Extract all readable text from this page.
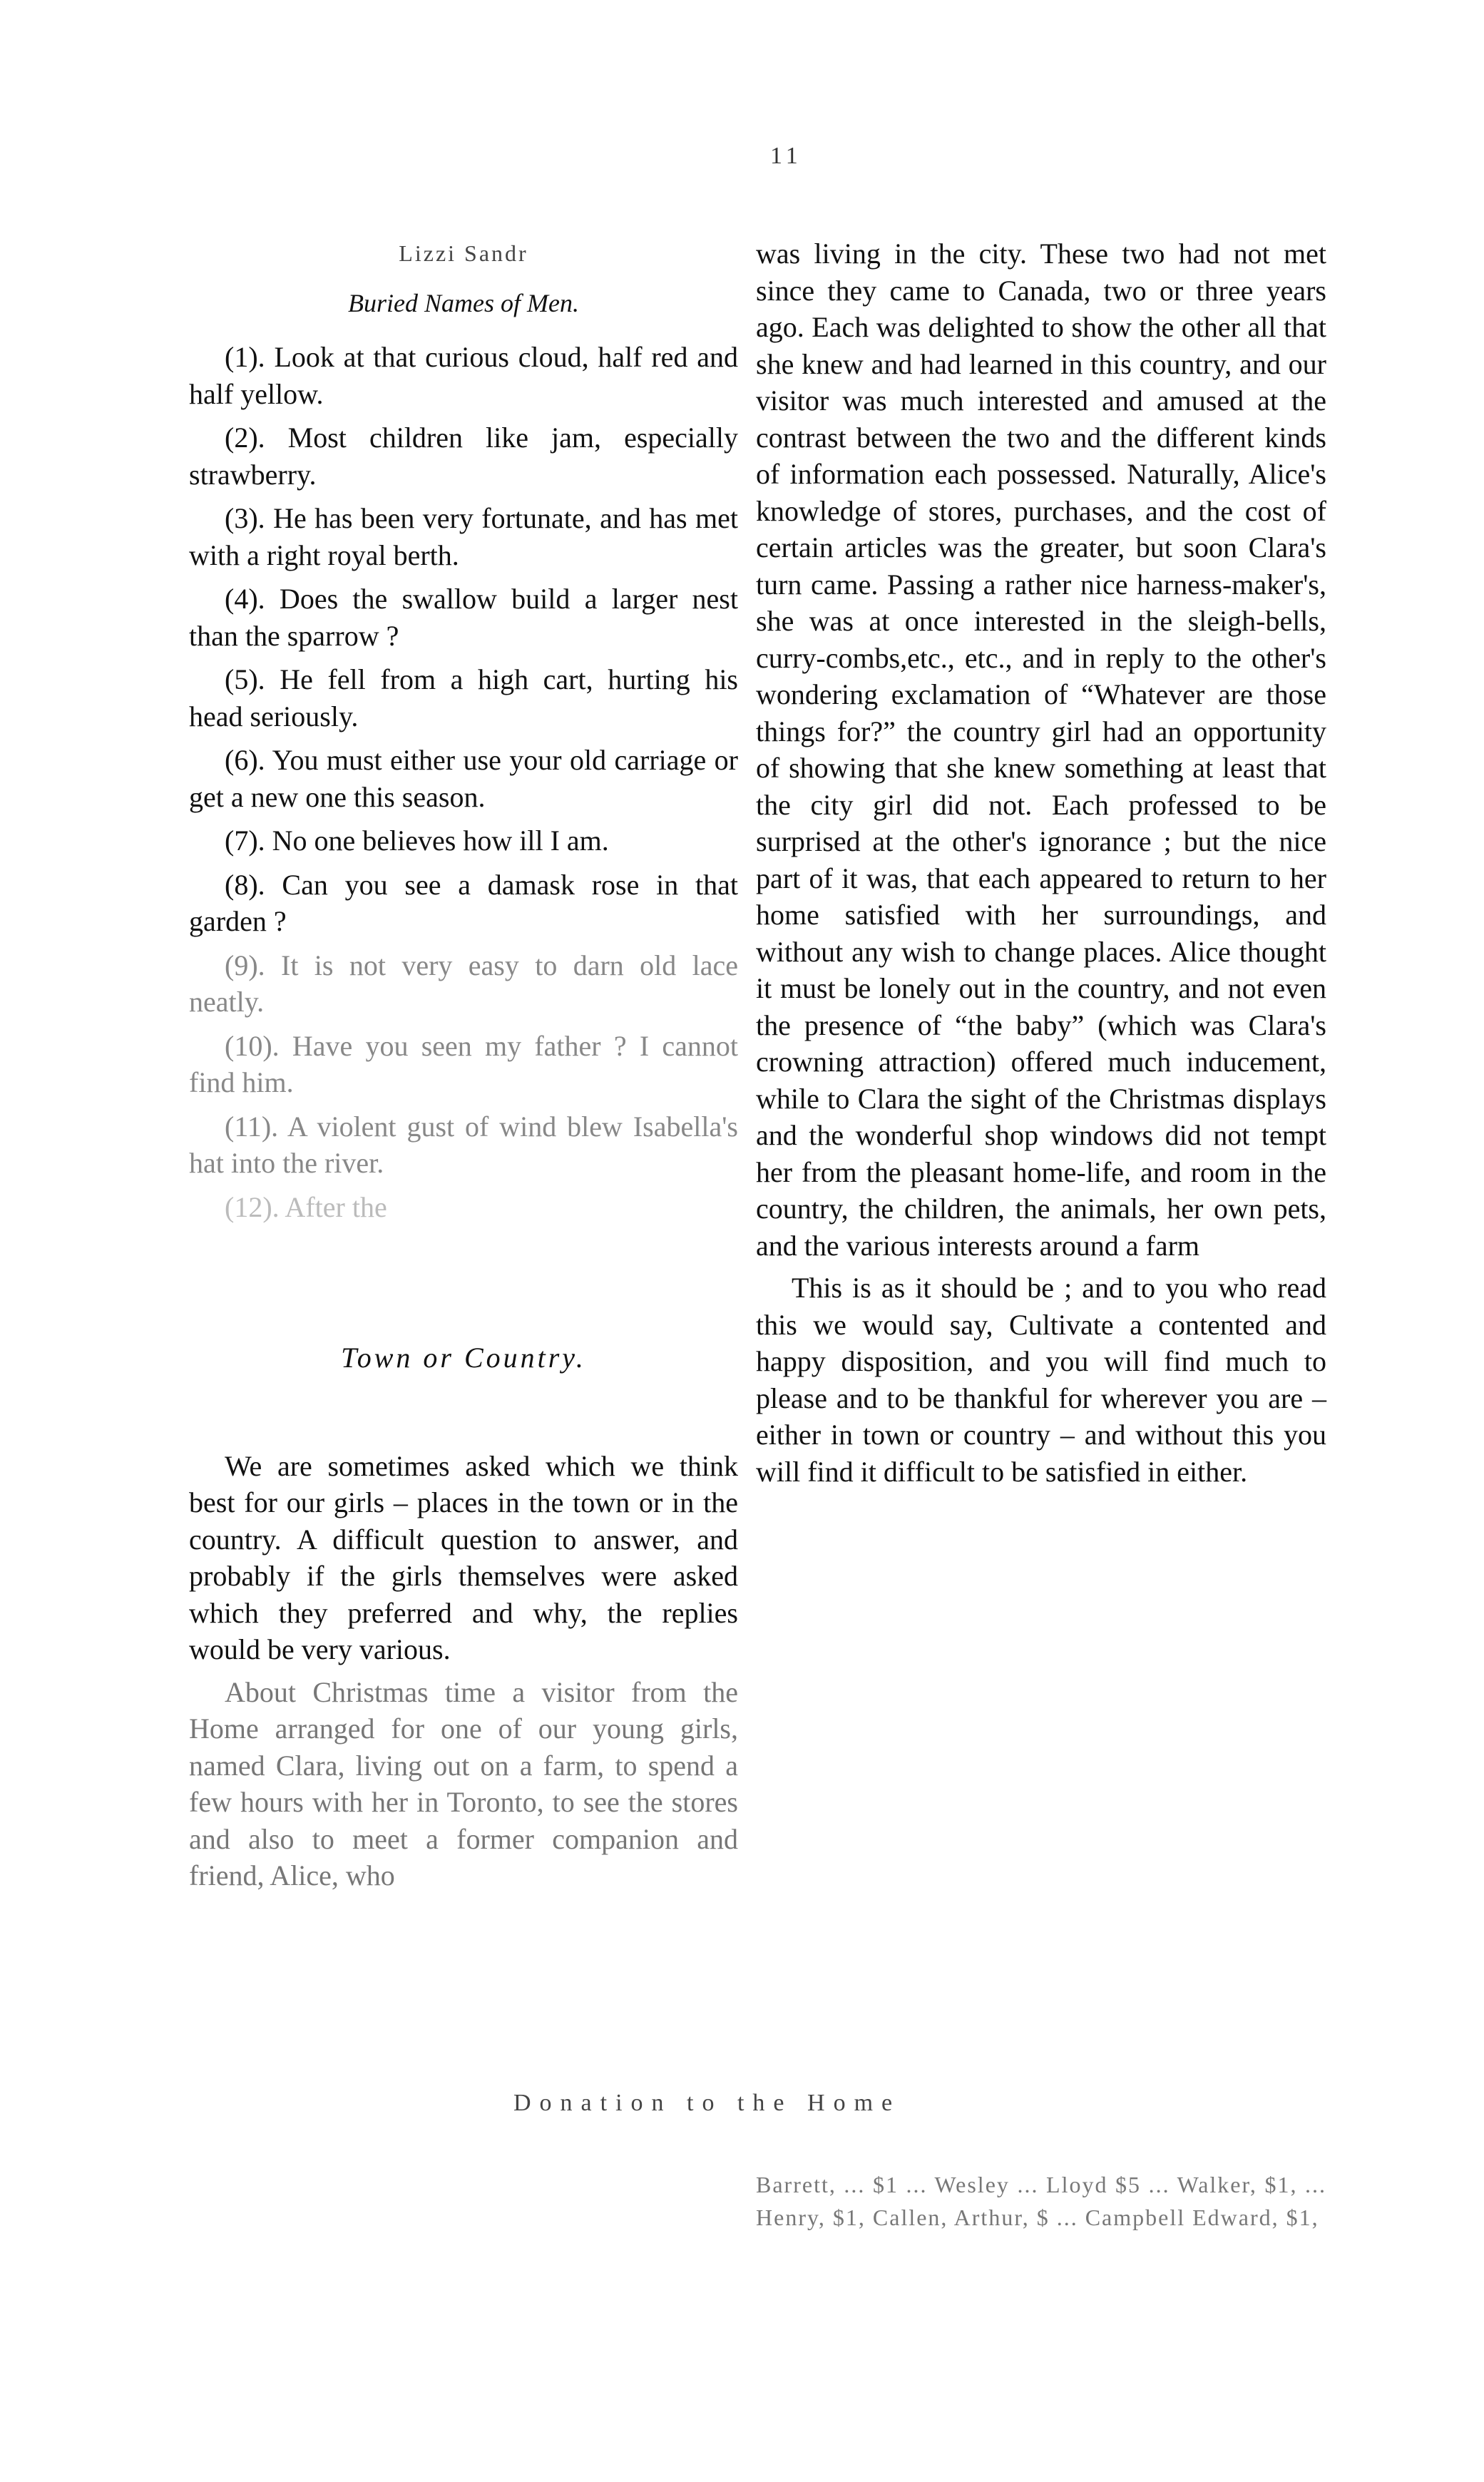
11
Lizzi Sandr
Buried Names of Men.

(1). Look at that curious cloud, half red and half yellow.

(2). Most children like jam, especially strawberry.

(3). He has been very fortunate, and has met with a right royal berth.

(4). Does the swallow build a larger nest than the sparrow ?

(5). He fell from a high cart, hurting his head seriously.

(6). You must either use your old carriage or get a new one this season.

(7). No one believes how ill I am.

(8). Can you see a damask rose in that garden ?

(9). It is not very easy to darn old lace neatly.

(10). Have you seen my father ? I cannot find him.

(11). A violent gust of wind blew Isabella's hat into the river.

(12). After the

Town or Country.

We are sometimes asked which we think best for our girls – places in the town or in the country. A difficult question to answer, and probably if the girls themselves were asked which they preferred and why, the replies would be very various.

About Christmas time a visitor from the Home arranged for one of our young girls, named Clara, living out on a farm, to spend a few hours with her in Toronto, to see the stores and also to meet a former companion and friend, Alice, who

was living in the city. These two had not met since they came to Canada, two or three years ago. Each was delighted to show the other all that she knew and had learned in this country, and our visitor was much interested and amused at the contrast between the two and the different kinds of information each possessed. Naturally, Alice's knowledge of stores, purchases, and the cost of certain articles was the greater, but soon Clara's turn came. Passing a rather nice harness-maker's, she was at once interested in the sleigh-bells, curry-combs,etc., etc., and in reply to the other's wondering exclamation of “Whatever are those things for?” the country girl had an opportunity of showing that she knew something at least that the city girl did not. Each professed to be surprised at the other's ignorance ; but the nice part of it was, that each appeared to return to her home satisfied with her surroundings, and without any wish to change places. Alice thought it must be lonely out in the country, and not even the presence of “the baby” (which was Clara's crowning attraction) offered much inducement, while to Clara the sight of the Christmas displays and the wonderful shop windows did not tempt her from the pleasant home-life, and room in the country, the children, the animals, her own pets, and the various interests around a farm

This is as it should be ; and to you who read this we would say, Cultivate a contented and happy disposition, and you will find much to please and to be thankful for wherever you are – either in town or country – and without this you will find it difficult to be satisfied in either.

Donation to the Home
Barrett, ... $1 ... Wesley ... Lloyd $5 ... Walker, $1, ... Henry, $1, Callen, Arthur, $ ... Campbell Edward, $1,
